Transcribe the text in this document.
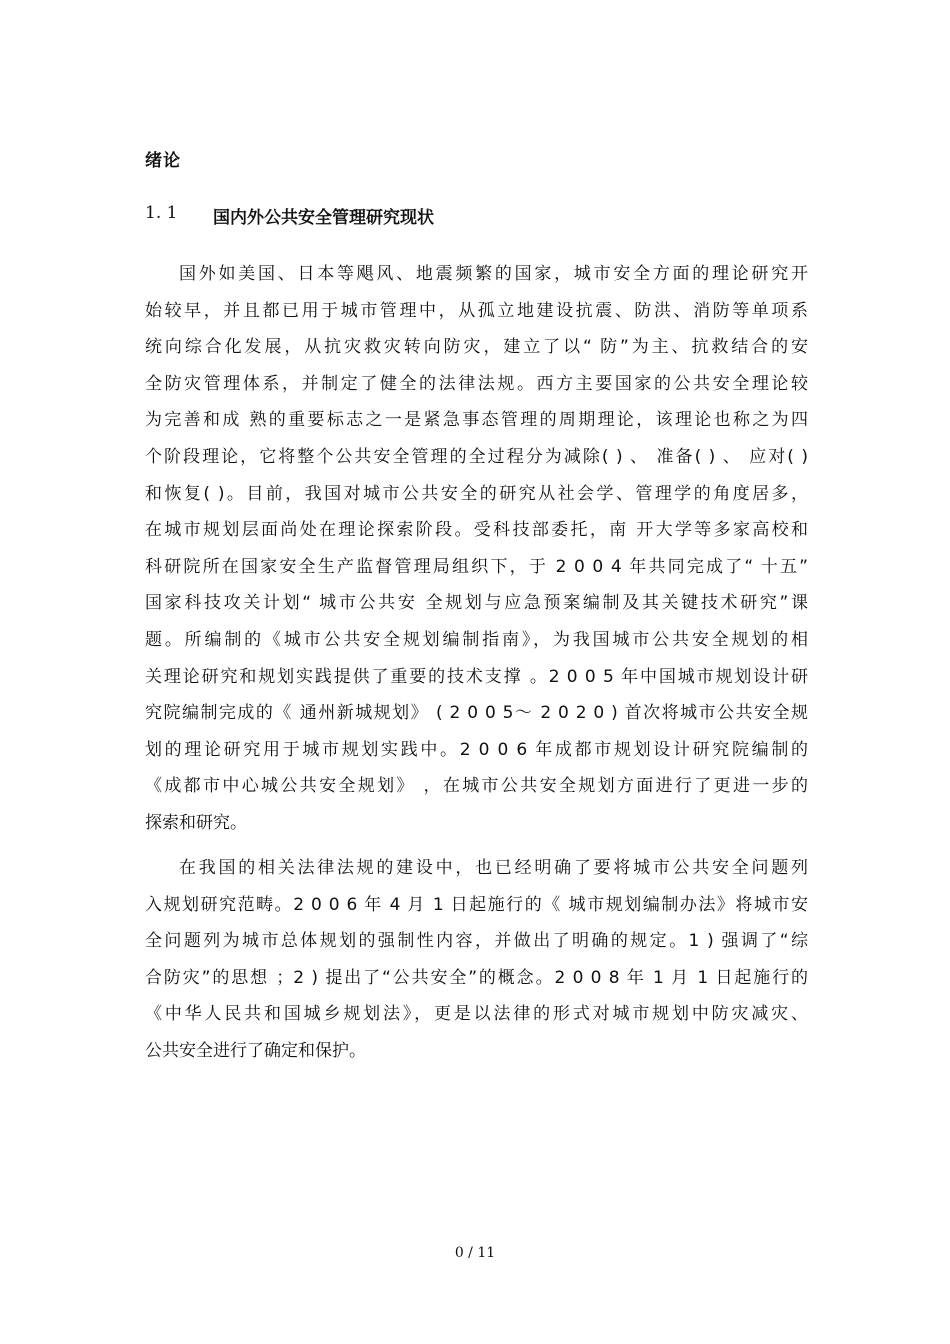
绪论
1. 1	国内外公共安全管理研究现状
国外如美国、日本等飓风、地震频繁的国家，城市安全方面的理论研究开
始较早，并且都已用于城市管理中，从孤立地建设抗震、防洪、消防等单项系
统向综合化发展，从抗灾救灾转向防灾，建立了以“ 防”为主、抗救结合的安
全防灾管理体系，并制定了健全的法律法规。西方主要国家的公共安全理论较
为完善和成 熟的重要标志之一是紧急事态管理的周期理论，该理论也称之为四
个阶段理论，它将整个公共安全管理的全过程分为减除( ) 、 准备( ) 、 应对( )
和恢复( )。目前，我国对城市公共安全的研究从社会学、管理学的角度居多，
在城市规划层面尚处在理论探索阶段。受科技部委托，南 开大学等多家高校和
科研院所在国家安全生产监督管理局组织下，于 2 0 0 4 年共同完成了“ 十五”
国家科技攻关计划“ 城市公共安 全规划与应急预案编制及其关键技术研究”课
题。所编制的《城市公共安全规划编制指南》，为我国城市公共安全规划的相
关理论研究和规划实践提供了重要的技术支撑 。2 0 0 5 年中国城市规划设计研
究院编制完成的《 通州新城规划》 ( 2 0 0 5～ 2 0 2 0 ) 首次将城市公共安全规
划的理论研究用于城市规划实践中。2 0 0 6 年成都市规划设计研究院编制的
《成都市中心城公共安全规划》 ，在城市公共安全规划方面进行了更进一步的
探索和研究。
在我国的相关法律法规的建设中，也已经明确了要将城市公共安全问题列
入规划研究范畴。2 0 0 6 年 4 月 1 日起施行的《 城市规划编制办法》将城市安
全问题列为城市总体规划的强制性内容，并做出了明确的规定。1 ) 强调了“综
合防灾”的思想 ；2 ) 提出了“公共安全”的概念。2 0 0 8 年 1 月 1 日起施行的
《中华人民共和国城乡规划法》，更是以法律的形式对城市规划中防灾减灾、
公共安全进行了确定和保护。
0 / 11
